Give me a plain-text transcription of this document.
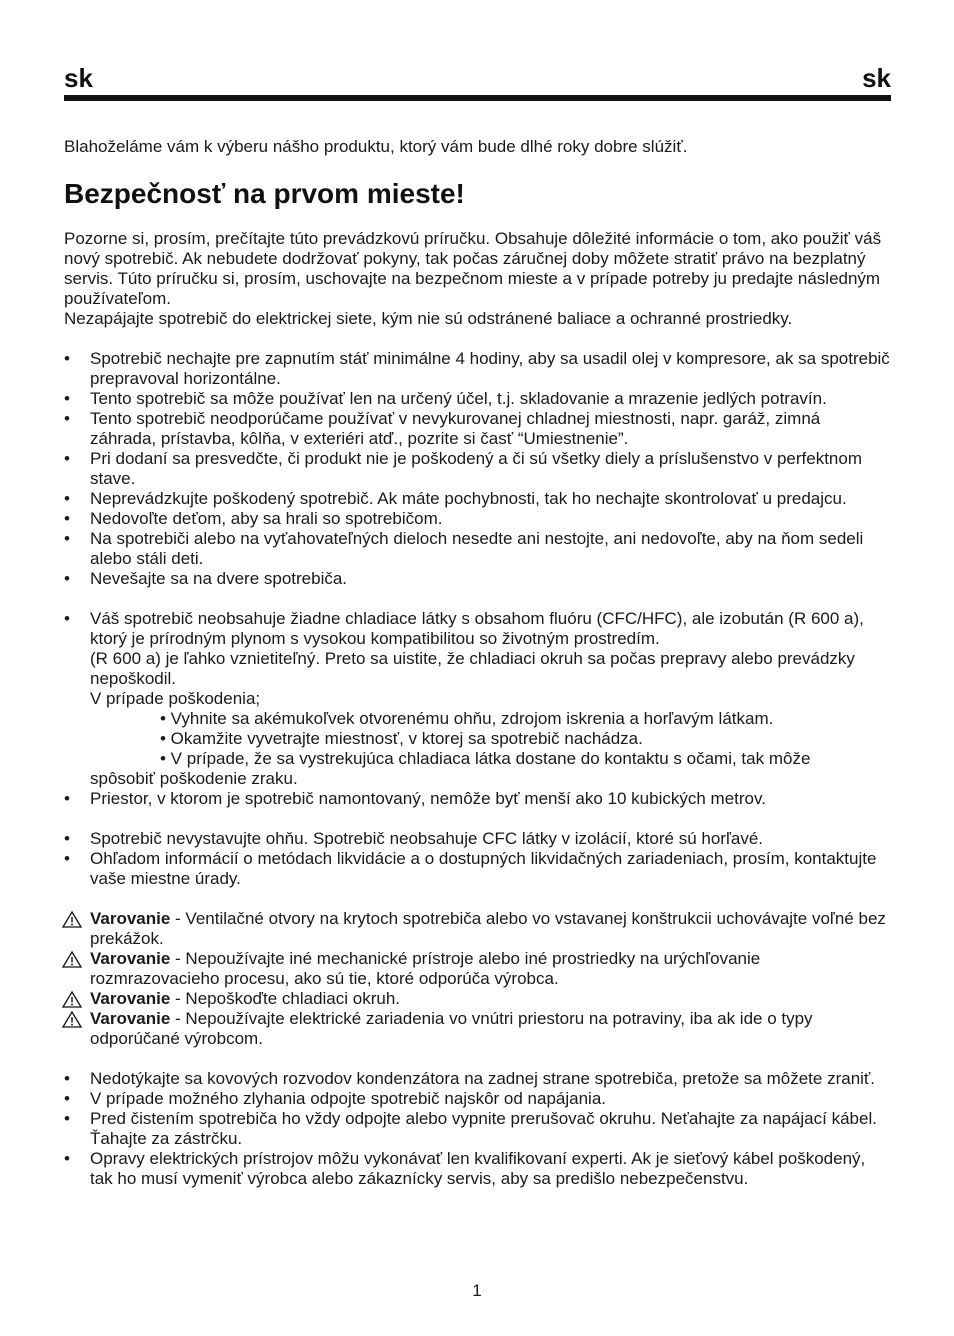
sk	sk

Blahoželáme vám k výberu nášho produktu, ktorý vám bude dlhé roky dobre slúžiť.

Bezpečnosť na prvom mieste!

Pozorne si, prosím, prečítajte túto prevádzkovú príručku. Obsahuje dôležité informácie o tom, ako použiť váš nový spotrebič. Ak nebudete dodržovať pokyny, tak počas záručnej doby môžete stratiť právo na bezplatný servis. Túto príručku si, prosím, uschovajte na bezpečnom mieste a v prípade potreby ju predajte následným používateľom.

Nezapájajte spotrebič do elektrickej siete, kým nie sú odstránené baliace a ochranné prostriedky.

• Spotrebič nechajte pre zapnutím stáť minimálne 4 hodiny, aby sa usadil olej v kompresore, ak sa spotrebič prepravoval horizontálne.
• Tento spotrebič sa môže používať len na určený účel, t.j. skladovanie a mrazenie jedlých potravín.
• Tento spotrebič neodporúčame používať v nevykurovanej chladnej miestnosti, napr. garáž, zimná záhrada, prístavba, kôlňa, v exteriéri atď., pozrite si časť “Umiestnenie”.
• Pri dodaní sa presvedčte, či produkt nie je poškodený a či sú všetky diely a príslušenstvo v perfektnom stave.
• Neprevádzkujte poškodený spotrebič. Ak máte pochybnosti, tak ho nechajte skontrolovať u predajcu.
• Nedovoľte deťom, aby sa hrali so spotrebičom.
• Na spotrebiči alebo na vyťahovateľných dieloch nesedte ani nestojte, ani nedovoľte, aby na ňom sedeli alebo stáli deti.
• Nevešajte sa na dvere spotrebiča.
• Váš spotrebič neobsahuje žiadne chladiace látky s obsahom fluóru (CFC/HFC), ale izobután (R 600 a), ktorý je prírodným plynom s vysokou kompatibilitou so životným prostredím.
(R 600 a) je ľahko vznietiteľný. Preto sa uistite, že chladiaci okruh sa počas prepravy alebo prevádzky nepoškodil.
V prípade poškodenia;
• Vyhnite sa akémukoľvek otvorenému ohňu, zdrojom iskrenia a horľavým látkam.
• Okamžite vyvetrajte miestnosť, v ktorej sa spotrebič nachádza.
• V prípade, že sa vystrekujúca chladiaca látka dostane do kontaktu s očami, tak môže
spôsobiť poškodenie zraku.
• Priestor, v ktorom je spotrebič namontovaný, nemôže byť menší ako 10 kubických metrov.
• Spotrebič nevystavujte ohňu. Spotrebič neobsahuje CFC látky v izolácií, ktoré sú horľavé.
• Ohľadom informácií o metódach likvidácie a o dostupných likvidačných zariadeniach, prosím, kontaktujte vaše miestne úrady.
Varovanie - Ventilačné otvory na krytoch spotrebiča alebo vo vstavanej konštrukcii uchovávajte voľné bez prekážok.
Varovanie - Nepoužívajte iné mechanické prístroje alebo iné prostriedky na urýchľovanie rozmrazovacieho procesu, ako sú tie, ktoré odporúča výrobca.
Varovanie - Nepoškoďte chladiaci okruh.
Varovanie - Nepoužívajte elektrické zariadenia vo vnútri priestoru na potraviny, iba ak ide o typy odporúčané výrobcom.
• Nedotýkajte sa kovových rozvodov kondenzátora na zadnej strane spotrebiča, pretože sa môžete zraniť.
• V prípade možného zlyhania odpojte spotrebič najskôr od napájania.
• Pred čistením spotrebiča ho vždy odpojte alebo vypnite prerušovač okruhu. Neťahajte za napájací kábel. Ťahajte za zástrčku.
• Opravy elektrických prístrojov môžu vykonávať len kvalifikovaní experti. Ak je sieťový kábel poškodený, tak ho musí vymeniť výrobca alebo zákaznícky servis, aby sa predišlo nebezpečenstvu.
1
